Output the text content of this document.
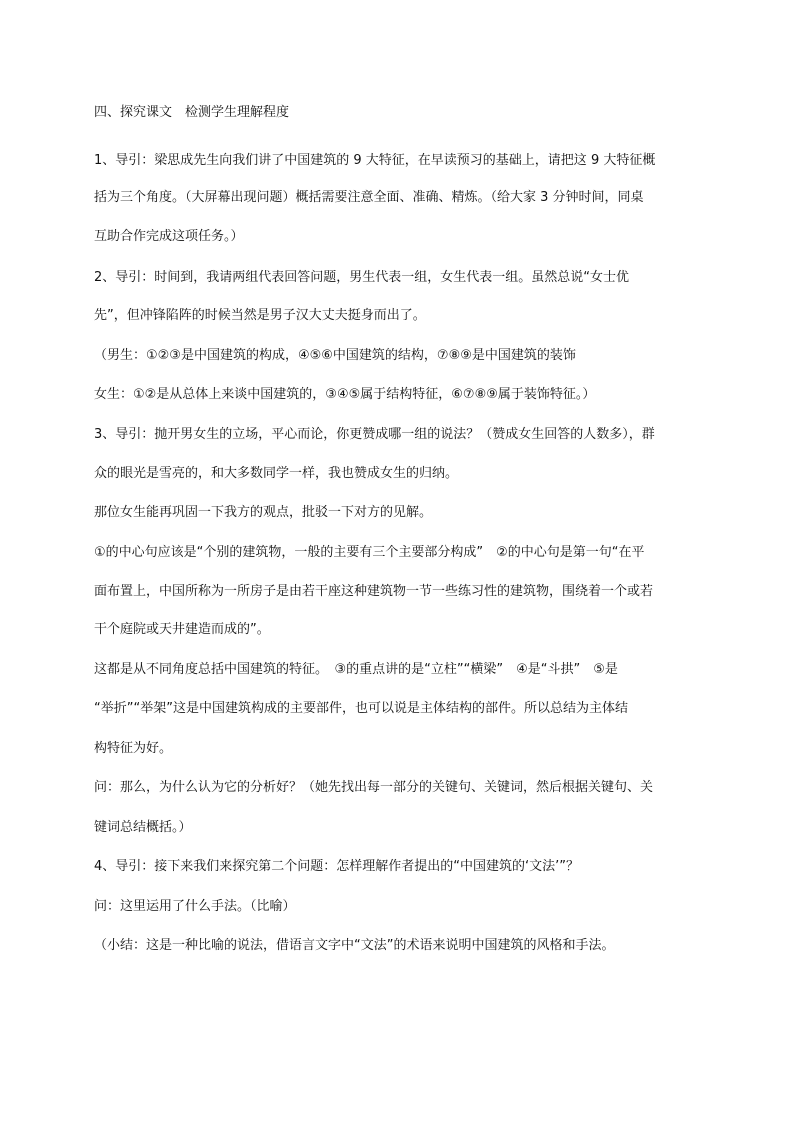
四、探究课文　检测学生理解程度
1、导引：梁思成先生向我们讲了中国建筑的 9 大特征，在早读预习的基础上，请把这 9 大特征概
括为三个角度。（大屏幕出现问题）概括需要注意全面、准确、精炼。（给大家 3 分钟时间，同桌
互助合作完成这项任务。）
2、导引：时间到，我请两组代表回答问题，男生代表一组，女生代表一组。虽然总说“女士优
先”，但冲锋陷阵的时候当然是男子汉大丈夫挺身而出了。
（男生：①②③是中国建筑的构成，④⑤⑥中国建筑的结构，⑦⑧⑨是中国建筑的装饰
女生：①②是从总体上来谈中国建筑的，③④⑤属于结构特征，⑥⑦⑧⑨属于装饰特征。）
3、导引：抛开男女生的立场，平心而论，你更赞成哪一组的说法？（赞成女生回答的人数多），群
众的眼光是雪亮的，和大多数同学一样，我也赞成女生的归纳。
那位女生能再巩固一下我方的观点，批驳一下对方的见解。
①的中心句应该是“个别的建筑物，一般的主要有三个主要部分构成”　②的中心句是第一句“在平
面布置上，中国所称为一所房子是由若干座这种建筑物一节一些练习性的建筑物，围绕着一个或若
干个庭院或天井建造而成的”。
这都是从不同角度总括中国建筑的特征。　③的重点讲的是“立柱”“横梁”　④是“斗拱”　⑤是
“举折”“举架”这是中国建筑构成的主要部件，也可以说是主体结构的部件。所以总结为主体结
构特征为好。
问：那么，为什么认为它的分析好？（她先找出每一部分的关键句、关键词，然后根据关键句、关
键词总结概括。）
4、导引：接下来我们来探究第二个问题：怎样理解作者提出的“中国建筑的‘文法’”？
问：这里运用了什么手法。（比喻）
（小结：这是一种比喻的说法，借语言文字中“文法”的术语来说明中国建筑的风格和手法。
